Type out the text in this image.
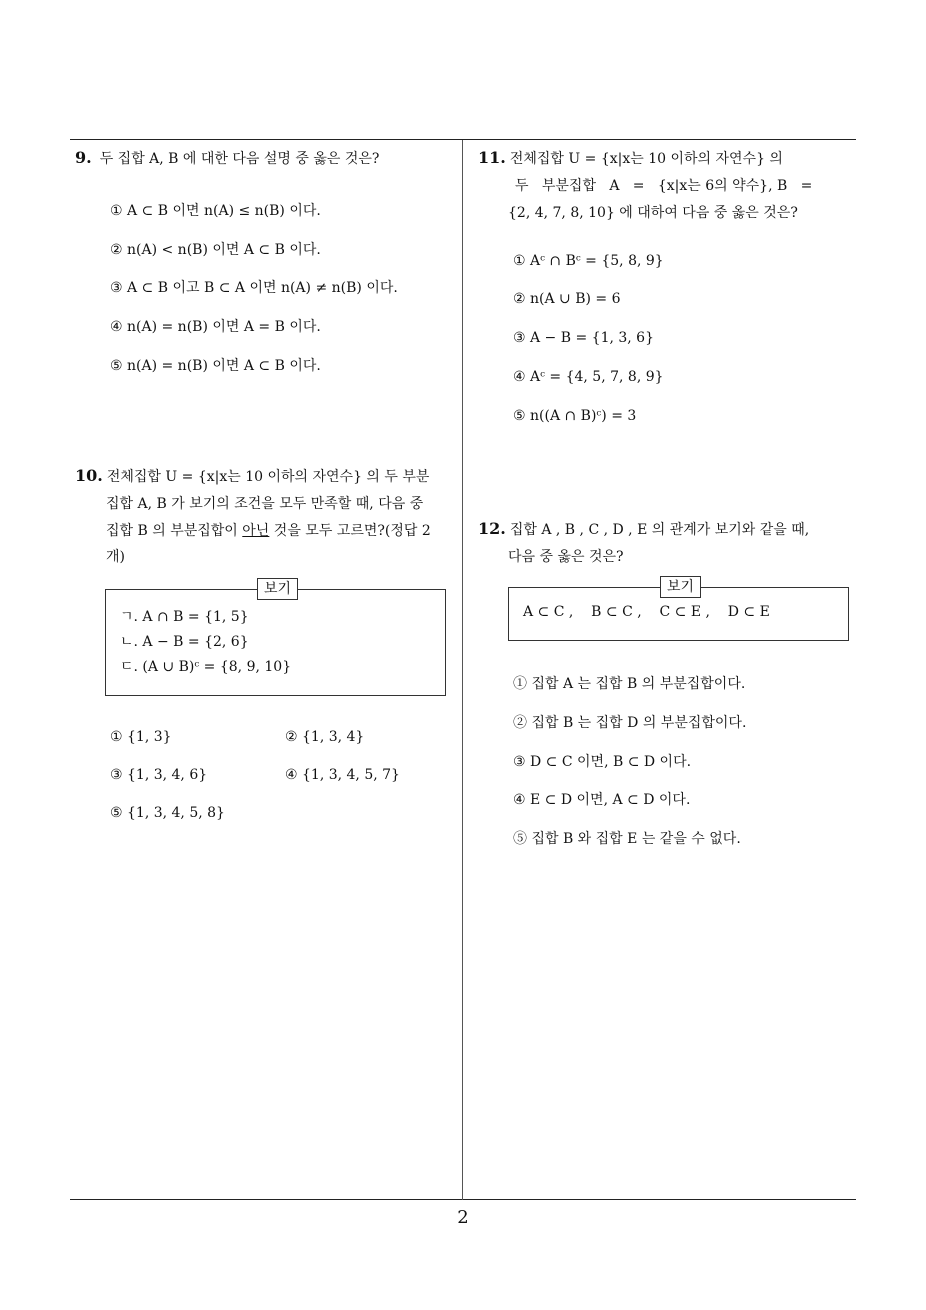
9. 두 집합 A, B 에 대한 다음 설명 중 옳은 것은?
① A ⊂ B 이면 n(A) ≤ n(B) 이다.
② n(A) < n(B) 이면 A ⊂ B 이다.
③ A ⊂ B 이고 B ⊂ A 이면 n(A) ≠ n(B) 이다.
④ n(A) = n(B) 이면 A = B 이다.
⑤ n(A) = n(B) 이면 A ⊂ B 이다.
10. 전체집합 U = {x|x는 10 이하의 자연수} 의 두 부분
집합 A, B 가 보기의 조건을 모두 만족할 때, 다음 중
집합 B 의 부분집합이 아닌 것을 모두 고르면?(정답 2
개)
보기
ㄱ. A ∩ B = {1, 5}
ㄴ. A − B = {2, 6}
ㄷ. (A ∪ B)ᶜ = {8, 9, 10}
① {1, 3}	② {1, 3, 4}
③ {1, 3, 4, 6}	④ {1, 3, 4, 5, 7}
⑤ {1, 3, 4, 5, 8}
11. 전체집합 U = {x|x는 10 이하의 자연수} 의
두   부분집합   A   =   {x|x는 6의 약수}, B   =
{2, 4, 7, 8, 10} 에 대하여 다음 중 옳은 것은?
① Aᶜ ∩ Bᶜ = {5, 8, 9}
② n(A ∪ B) = 6
③ A − B = {1, 3, 6}
④ Aᶜ = {4, 5, 7, 8, 9}
⑤ n((A ∩ B)ᶜ) = 3
12. 집합 A , B , C , D , E 의 관계가 보기와 같을 때,
다음 중 옳은 것은?
보기
A ⊂ C ,    B ⊂ C ,    C ⊂ E ,    D ⊂ E
① 집합 A 는 집합 B 의 부분집합이다.
② 집합 B 는 집합 D 의 부분집합이다.
③ D ⊂ C 이면, B ⊂ D 이다.
④ E ⊂ D 이면, A ⊂ D 이다.
⑤ 집합 B 와 집합 E 는 같을 수 없다.
2
